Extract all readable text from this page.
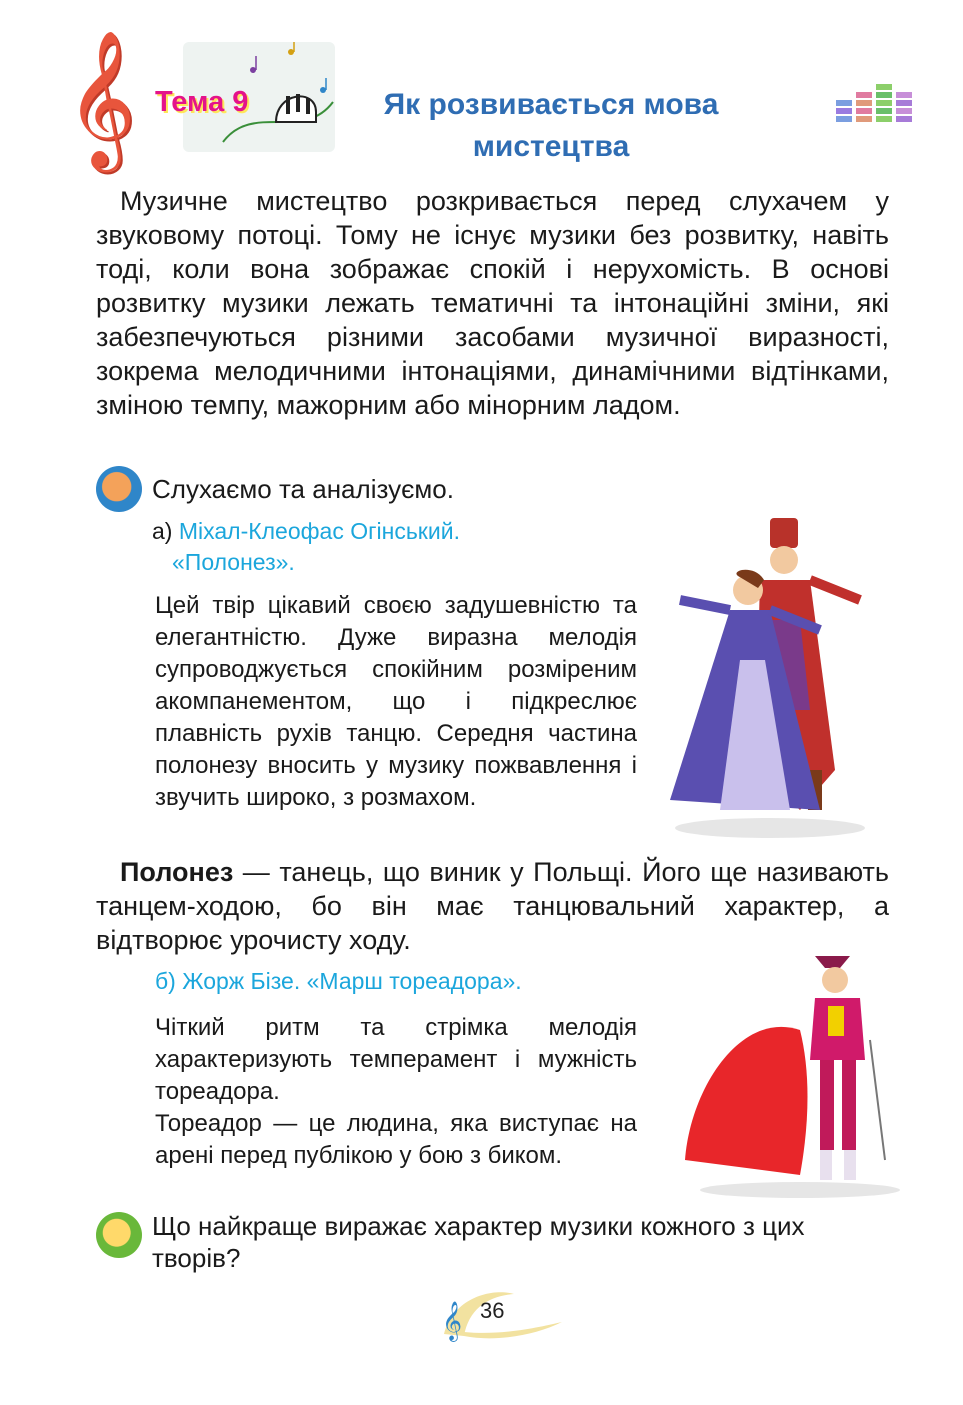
𝄞 Тема 9	Як розвивається мова мистецтва
Музичне мистецтво розкривається перед слухачем у звуковому потоці. Тому не існує музики без розвитку, навіть тоді, коли вона зображає спокій і нерухомість. В основі розвитку музики лежать тематичні та інтонаційні зміни, які забезпечуються різними засобами музичної виразності, зокрема мелодичними інтонаціями, динамічними відтінками, зміною темпу, мажорним або мінорним ладом.
Слухаємо та аналізуємо.
а) Міхал-Клеофас Огінський.
«Полонез».
Цей твір цікавий своєю задушевністю та елегантністю. Дуже виразна мелодія супроводжується спокійним розміреним акомпанементом, що і підкреслює плавність рухів танцю. Середня частина полонезу вносить у музику пожвавлення і звучить широко, з розмахом.
Полонез — танець, що виник у Польщі. Його ще називають танцем-ходою, бо він має танцювальний характер, а відтворює урочисту ходу.
б) Жорж Бізе. «Марш тореадора».
Чіткий ритм та стрімка мелодія характеризують темперамент і мужність тореадора.
Тореадор — це людина, яка виступає на арені перед публікою у бою з биком.
Що найкраще виражає характер музики кожного з цих творів?
𝄞 36
